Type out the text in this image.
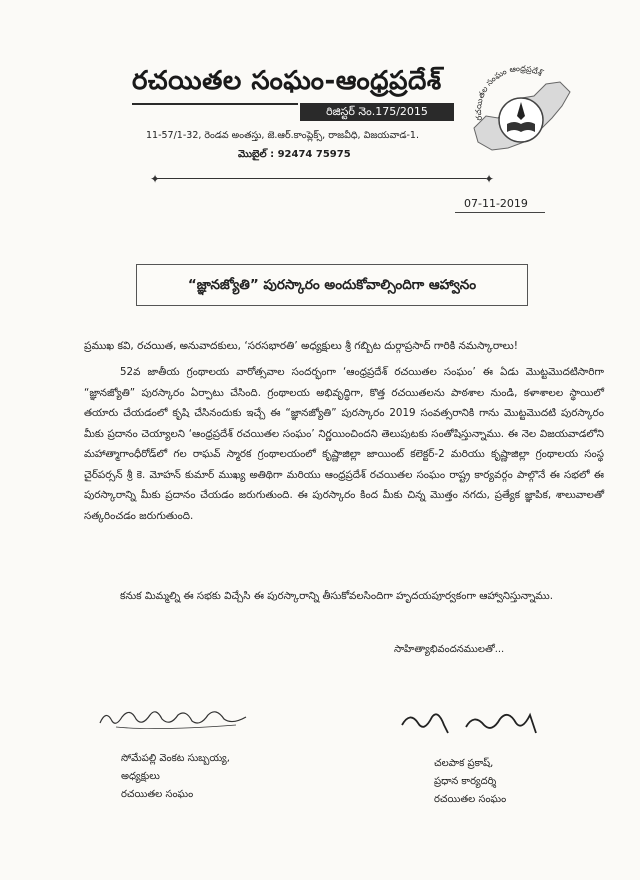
రచయితల సంఘం-ఆంధ్రప్రదేశ్
రిజిస్టర్ నెం.175/2015
11-57/1-32, రెండవ అంతస్తు, జె.ఆర్.కాంప్లెక్స్, రాజవీధి, విజయవాడ-1.
మొబైల్ : 92474 75975
రచయితల సంఘం ఆంధ్రప్రదేశ్
✦	✦
07-11-2019
“జ్ఞానజ్యోతి” పురస్కారం అందుకోవాల్సిందిగా ఆహ్వానం
ప్రముఖ కవి, రచయిత, అనువాదకులు, ‘సరసభారతి’ అధ్యక్షులు శ్రీ గబ్బిట దుర్గాప్రసాద్ గారికి నమస్కారాలు!
52వ జాతీయ గ్రంథాలయ వారోత్సవాల సందర్భంగా ‘ఆంధ్రప్రదేశ్ రచయితల సంఘం’ ఈ ఏడు మొట్టమొదటిసారిగా “జ్ఞానజ్యోతి” పురస్కారం ఏర్పాటు చేసింది. గ్రంథాలయ అభివృద్ధిగా, కొత్త రచయితలను పాఠశాల నుండి, కళాశాలల స్థాయిలో తయారు చేయడంలో కృషి చేసినందుకు ఇచ్చే ఈ “జ్ఞానజ్యోతి” పురస్కారం 2019 సంవత్సరానికి గాను మొట్టమొదటి పురస్కారం మీకు ప్రదానం చెయ్యాలని ‘ఆంధ్రప్రదేశ్ రచయితల సంఘం’ నిర్ణయించిందని తెలుపుటకు సంతోషిస్తున్నాము. ఈ నెల విజయవాడలోని మహాత్మాగాంధీరోడ్‌లో గల రాఘవ్ స్మారక గ్రంథాలయంలో కృష్ణాజిల్లా జాయింట్ కలెక్టర్-2 మరియు కృష్ణాజిల్లా గ్రంథాలయ సంస్థ చైర్‌పర్సన్ శ్రీ కె. మోహన్ కుమార్ ముఖ్య అతిథిగా మరియు ఆంధ్రప్రదేశ్ రచయితల సంఘం రాష్ట్ర కార్యవర్గం పాల్గొనే ఈ సభలో ఈ పురస్కారాన్ని మీకు ప్రదానం చేయడం జరుగుతుంది. ఈ పురస్కారం కింద మీకు చిన్న మొత్తం నగదు, ప్రత్యేక జ్ఞాపిక, శాలువాలతో సత్కరించడం జరుగుతుంది.
కనుక మిమ్మల్ని ఈ సభకు విచ్చేసి ఈ పురస్కారాన్ని తీసుకోవలసిందిగా హృదయపూర్వకంగా ఆహ్వానిస్తున్నాము.
సాహిత్యాభివందనములతో...
సోమేపల్లి వెంకట సుబ్బయ్య,
అధ్యక్షులు
రచయితల సంఘం
చలపాక ప్రకాష్,
ప్రధాన కార్యదర్శి
రచయితల సంఘం
